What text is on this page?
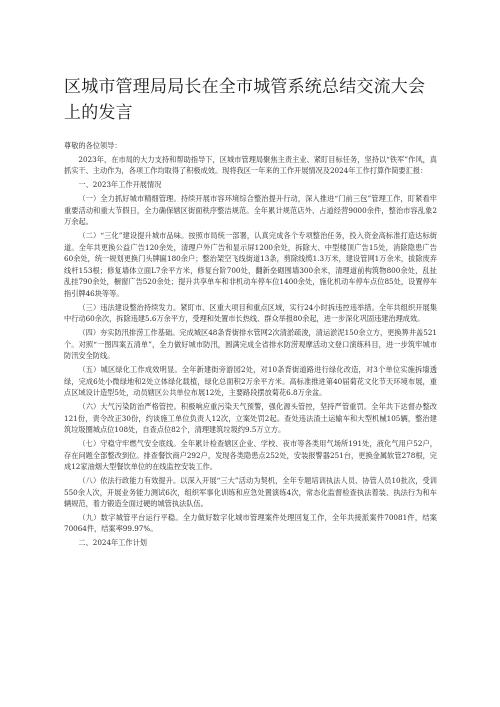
区城市管理局局长在全市城管系统总结交流大会上的发言

尊敬的各位领导：

2023年，在市局的大力支持和帮助指导下，区城市管理局聚焦主责主业、紧盯目标任务，坚持以“铁军”作风，真抓实干、主动作为，各项工作均取得了积极成效。现将我区一年来的工作开展情况及2024年工作打算作简要汇报：

一、2023年工作开展情况

（一）全力抓好城市精细管理。持续开展市容环境综合整治提升行动，深入推进“门前三包”管理工作，盯紧看牢重要活动和重大节假日，全力确保辖区街面秩序整洁规范。全年累计规范店外、占道经营9000余件，整治市容乱象2万余起。

（二）“三化”建设提升城市品味。按照市局统一部署，认真完成各个专项整治任务，投入资金高标准打造达标街道。全年共更换公益广告120余处，清理户外广告和显示屏1200余处，拆除大、中型楼顶广告15处，消除隐患广告60余处，统一规划更换门头牌匾180余户；整治架空飞线街道13条，剪除线缆1.3万米，建设管网1万余米，拔除废弃线杆153根；修复墙体立面L7余平方米，修复台阶700处，翻新垒砌围墙300余米，清理道前构筑物800余处，乱扯乱挂790余处，橱窗广告520余处；提升共享单车和非机动车停车位1400余处，施化机动车停车点位85处，设置停车指引牌46块等等。

（三）违法建设整治持续发力。紧盯市、区重大项目和重点区域，实行24小时拆违控违举措。全年共组织开展集中行动60余次，拆除违建5.6万余平方，受理和处置市长热线、群众举报80余起，进一步深化巩固违建治理成效。

（四）夯实防汛排涝工作基础。完成城区48条背街排水管网2次清淤疏浚，清运淤泥150余立方，更换箅井盖521个。对照“一图四案五清单”，全力做好城市防汛，圆满完成全省排水防涝观摩活动文登口演练科目，进一步筑牢城市防汛安全防线。

（五）城区绿化工作成效明显。全年新建街旁游园2处，对10条背街道路进行绿化改造，对3个单位实施拆墙透绿，完成6处小微绿地和2处立体绿化载植，绿化总面积2万余平方米。高标准推进第40届菊花文化节天环境布展，重点区域设计造型5处，动员辖区公共单位布展12处，主要路段摆放菊花6.8万余盆。

（六）大气污染防治严格管控。积极响应重污染天气预警，强化源头管控，坚持严管重罚。全年共下达督办整改121份，责令改正30份，约谈施工单位负责人12次，立案处罚2起。查处违法渣土运输车和大型机械105辆，整治建筑垃圾圈城点位108处，自查点位82个，清理建筑垃圾约9.5万立方。

（七）守稳守牢燃气安全底线。全年累计检查辖区企业、学校、夜市等各类用气场所191处，液化气用户52户，存在问题全部整改到位。排查餐饮商户292户，发现各类隐患点252处，安装报警器251台，更换金属软管278根，完成12家油烟大型餐饮单位的在线监控安装工作。

（八）依法行政能力有效提升。以深入开展“三大”活动为契机，全年专题培训执法人员、协管人员10批次，受训550余人次，开展业务能力测试6次，组织军事化训练和应急处置演练4次，常态化监督检查执法着装、执法行为和车辆规范，着力锻造全面过硬的城管执法队伍。

（九）数字城管平台运行平稳。全力做好数字化城市管理案件处理回复工作，全年共接派案件70081件，结案70064件，结案率99.97%。

二、2024年工作计划
